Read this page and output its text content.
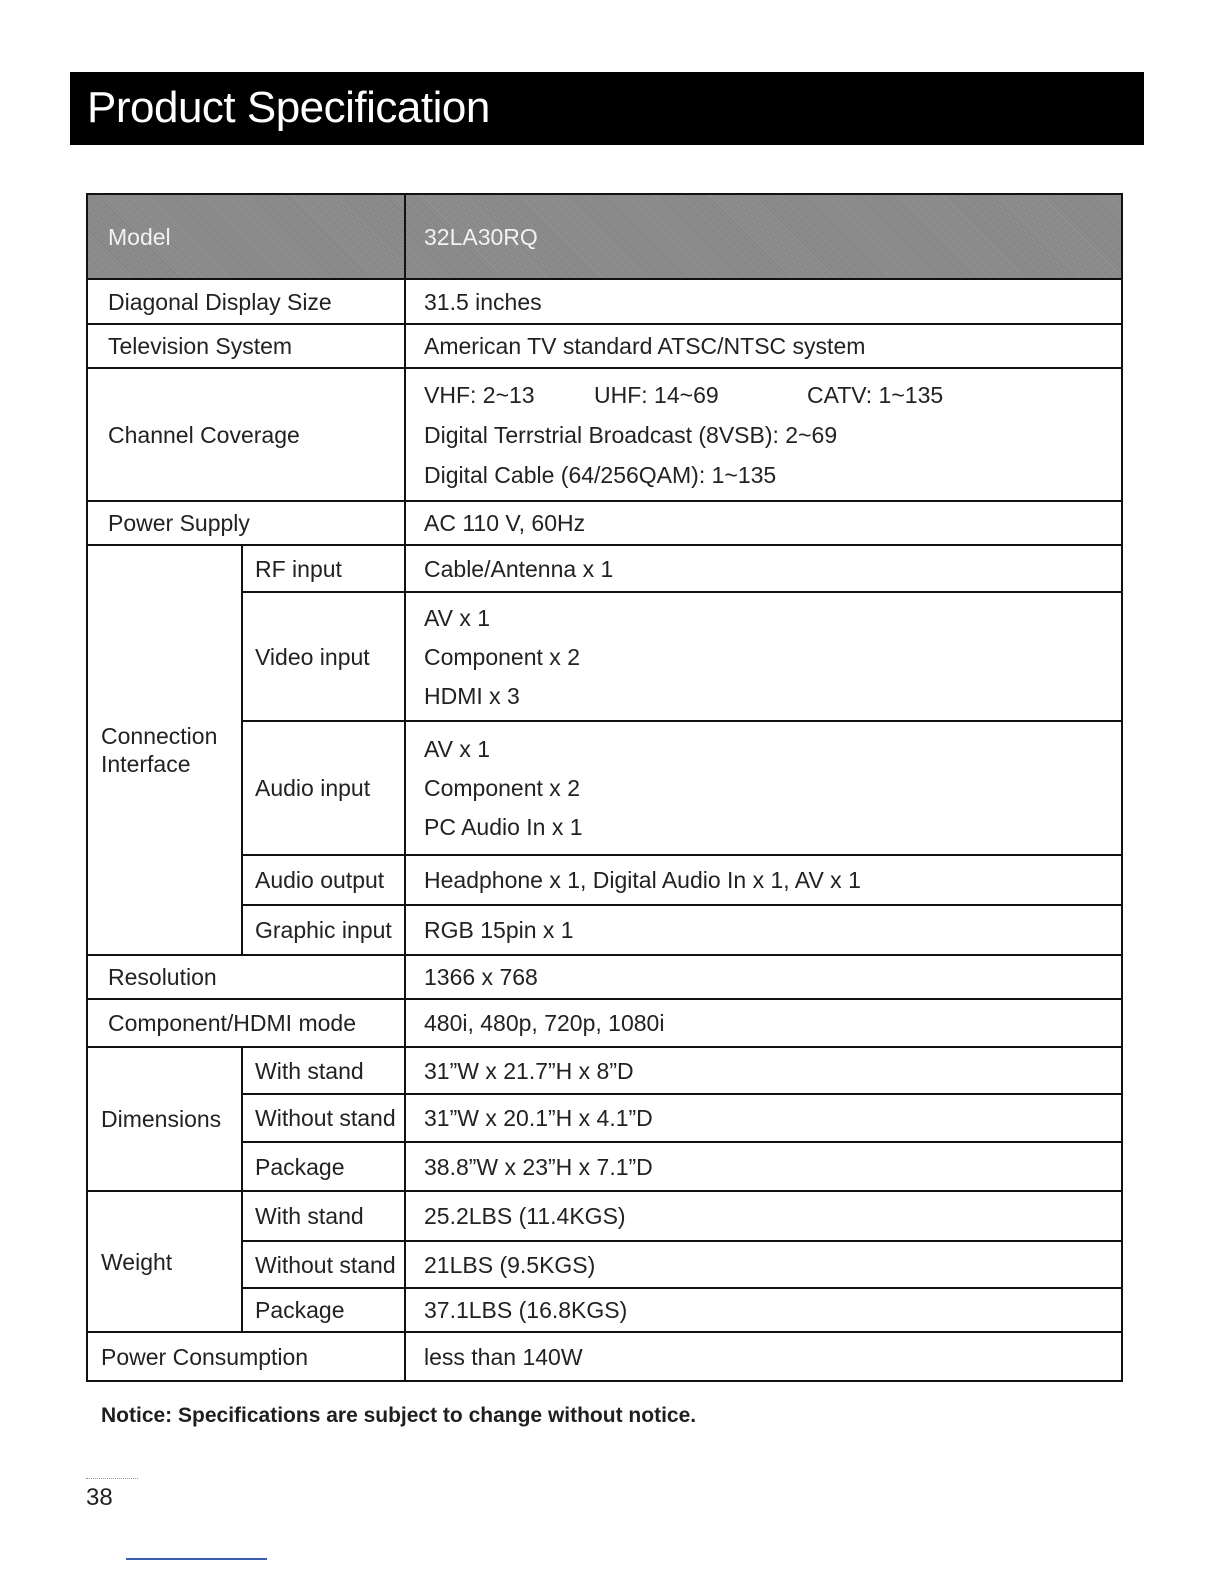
Product Specification
Model		32LA30RQ
Diagonal Display Size		31.5 inches
Television System		American TV standard ATSC/NTSC system
Channel Coverage		VHF: 2~13 UHF: 14~69 CATV: 1~135
Digital Terrstrial Broadcast (8VSB): 2~69
Digital Cable (64/256QAM): 1~135

Power Supply		AC 110 V, 60Hz

Connection
Interface	RF input	Cable/Antenna x 1
	Video input	AV x 1
Component x 2
HDMI x 3

	Audio input	AV x 1
Component x 2
PC Audio In x 1

	Audio output	Headphone x 1, Digital Audio In x 1, AV x 1
	Graphic input	RGB 15pin x 1
Resolution		1366 x 768
Component/HDMI mode		480i, 480p, 720p, 1080i
Dimensions	With stand	31”W x 21.7”H x 8”D
	Without stand	31”W x 20.1”H x 4.1”D
	Package	38.8”W x 23”H x 7.1”D
Weight	With stand	25.2LBS (11.4KGS)
	Without stand	21LBS (9.5KGS)
	Package	37.1LBS (16.8KGS)
Power Consumption		less than 140W
Notice: Specifications are subject to change without notice.
38
